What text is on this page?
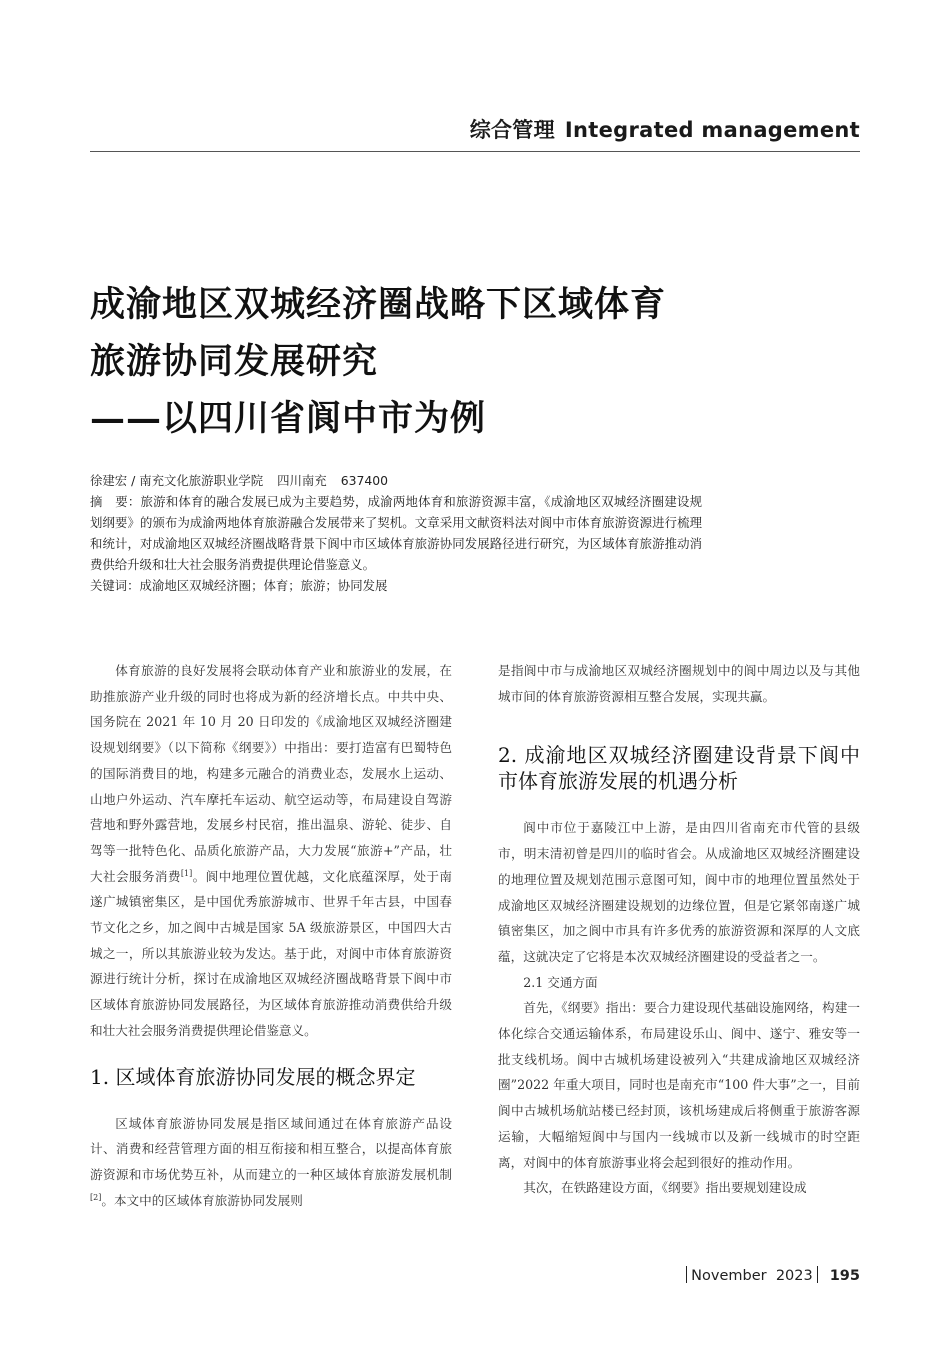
综合管理 Integrated management
成渝地区双城经济圈战略下区域体育
旅游协同发展研究
——以四川省阆中市为例

徐建宏 / 南充文化旅游职业学院 四川南充 637400

摘　要：旅游和体育的融合发展已成为主要趋势，成渝两地体育和旅游资源丰富，《成渝地区双城经济圈建设规划纲要》的颁布为成渝两地体育旅游融合发展带来了契机。文章采用文献资料法对阆中市体育旅游资源进行梳理和统计，对成渝地区双城经济圈战略背景下阆中市区域体育旅游协同发展路径进行研究，为区域体育旅游推动消费供给升级和壮大社会服务消费提供理论借鉴意义。

关键词：成渝地区双城经济圈；体育；旅游；协同发展

体育旅游的良好发展将会联动体育产业和旅游业的发展，在助推旅游产业升级的同时也将成为新的经济增长点。中共中央、国务院在 2021 年 10 月 20 日印发的《成渝地区双城经济圈建设规划纲要》（以下简称《纲要》）中指出：要打造富有巴蜀特色的国际消费目的地，构建多元融合的消费业态，发展水上运动、山地户外运动、汽车摩托车运动、航空运动等，布局建设自驾游营地和野外露营地，发展乡村民宿，推出温泉、游轮、徒步、自驾等一批特色化、品质化旅游产品，大力发展“旅游+”产品，壮大社会服务消费[1]。阆中地理位置优越，文化底蕴深厚，处于南遂广城镇密集区，是中国优秀旅游城市、世界千年古县，中国春节文化之乡，加之阆中古城是国家 5A 级旅游景区，中国四大古城之一，所以其旅游业较为发达。基于此，对阆中市体育旅游资源进行统计分析，探讨在成渝地区双城经济圈战略背景下阆中市区域体育旅游协同发展路径，为区域体育旅游推动消费供给升级和壮大社会服务消费提供理论借鉴意义。

1. 区域体育旅游协同发展的概念界定

区域体育旅游协同发展是指区域间通过在体育旅游产品设计、消费和经营管理方面的相互衔接和相互整合，以提高体育旅游资源和市场优势互补，从而建立的一种区域体育旅游发展机制[2]。本文中的区域体育旅游协同发展则

是指阆中市与成渝地区双城经济圈规划中的阆中周边以及与其他城市间的体育旅游资源相互整合发展，实现共赢。

2. 成渝地区双城经济圈建设背景下阆中市体育旅游发展的机遇分析

阆中市位于嘉陵江中上游，是由四川省南充市代管的县级市，明末清初曾是四川的临时省会。从成渝地区双城经济圈建设的地理位置及规划范围示意图可知，阆中市的地理位置虽然处于成渝地区双城经济圈建设规划的边缘位置，但是它紧邻南遂广城镇密集区，加之阆中市具有许多优秀的旅游资源和深厚的人文底蕴，这就决定了它将是本次双城经济圈建设的受益者之一。

2.1 交通方面

首先，《纲要》指出：要合力建设现代基础设施网络，构建一体化综合交通运输体系，布局建设乐山、阆中、遂宁、雅安等一批支线机场。阆中古城机场建设被列入“共建成渝地区双城经济圈”2022 年重大项目，同时也是南充市“100 件大事”之一，目前阆中古城机场航站楼已经封顶，该机场建成后将侧重于旅游客源运输，大幅缩短阆中与国内一线城市以及新一线城市的时空距离，对阆中的体育旅游事业将会起到很好的推动作用。

其次，在铁路建设方面，《纲要》指出要规划建设成

November 2023 195
